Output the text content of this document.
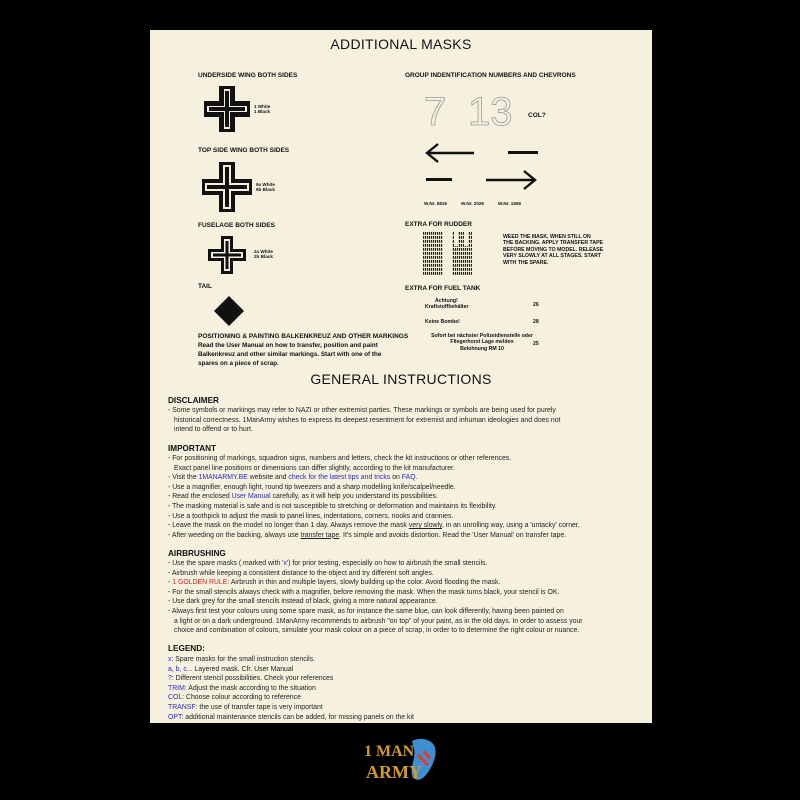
ADDITIONAL MASKS
UNDERSIDE WING BOTH SIDES
1 White
1 Black
TOP SIDE WING BOTH SIDES
9a White
9b Black
FUSELAGE BOTH SIDES
2a White
2b Black
TAIL
POSITIONING & PAINTING BALKENKREUZ AND OTHER MARKINGS
Read the User Manual on how to transfer, position and paint
Balkenkreuz and other similar markings. Start with one of the
spares on a piece of scrap.
GROUP INDENTIFICATION NUMBERS AND CHEVRONS
7 13 COL?
W.Nr. 5819	W.Nr. 2026	W.Nr. 1559
EXTRA FOR RUDDER
WEED THE MASK, WHEN STILL ON
THE BACKING. APPLY TRANSFER TAPE
BEFORE MOVING TO MODEL. RELEASE
VERY SLOWLY AT ALL STAGES. START
WITH THE SPARE.
EXTRA FOR FUEL TANK
Achtung!
Kraftstoffbehälter	26
Keine Bombe!	28
Sofort bei nächster Polizeidienstelle oder
Fliegerhorst Lage melden
Belohnung RM 10
25
GENERAL INSTRUCTIONS
DISCLAIMER
- Some symbols or markings may refer to NAZI or other extremist parties. These markings or symbols are being used for purely
historical correctness. 1ManArmy wishes to express its deepest resentment for extremist and inhuman ideologies and does not
intend to offend or to hurt.
IMPORTANT
- For positioning of markings, squadron signs, numbers and letters, check the kit instructions or other references.
Exact panel line positions or dimensions can differ slightly, according to the kit manufacturer.
- Visit the 1MANARMY.BE website and check for the latest tips and tricks on FAQ.
- Use a magnifier, enough light, round tip tweezers and a sharp modelling knife/scalpel/needle.
- Read the enclosed User Manual carefully, as it will help you understand its possibilities.
- The masking material is safe and is not susceptible to stretching or deformation and maintains its flexibility.
- Use a toothpick to adjust the mask to panel lines, indentations, corners, nooks and crannies.
- Leave the mask on the model no longer than 1 day. Always remove the mask very slowly, in an unrolling way, using a 'untacky' corner.
- After weeding on the backing, always use transfer tape. It's simple and avoids distortion. Read the 'User Manual' on transfer tape.
AIRBRUSHING
- Use the spare masks ( marked with 'x') for prior testing, especially on how to airbrush the small stencils.
- Airbrush while keeping a consistent distance to the object and try different soft angles.
- 1 GOLDEN RULE: Airbrush in thin and multiple layers, slowly building up the color. Avoid flooding the mask.
- For the small stencils always check with a magnifier, before removing the mask. When the mask turns black, your stencil is OK.
- Use dark grey for the small stencils instead of black, giving a more natural appearance.
- Always first test your colours using some spare mask, as for instance the same blue, can look differently, having been painted on
a light or on a dark underground. 1ManArmy recommends to airbrush "on top" of your paint, as in the old days. In order to assess your
choice and combination of colours, simulate your mask colour on a piece of scrap, in order to to determine the right colour or nuance.
LEGEND:
x: Spare masks for the small instruction stencils.
a, b, c... Layered mask. Cfr. User Manual
?: Different stencil possibilities. Check your references
TRIM: Adjust the mask according to the situation
COL: Choose colour according to reference
TRANSF: the use of transfer tape is very important
OPT: additional maintenance stencils can be added, for missing panels on the kit
1 MAN
ARMY
